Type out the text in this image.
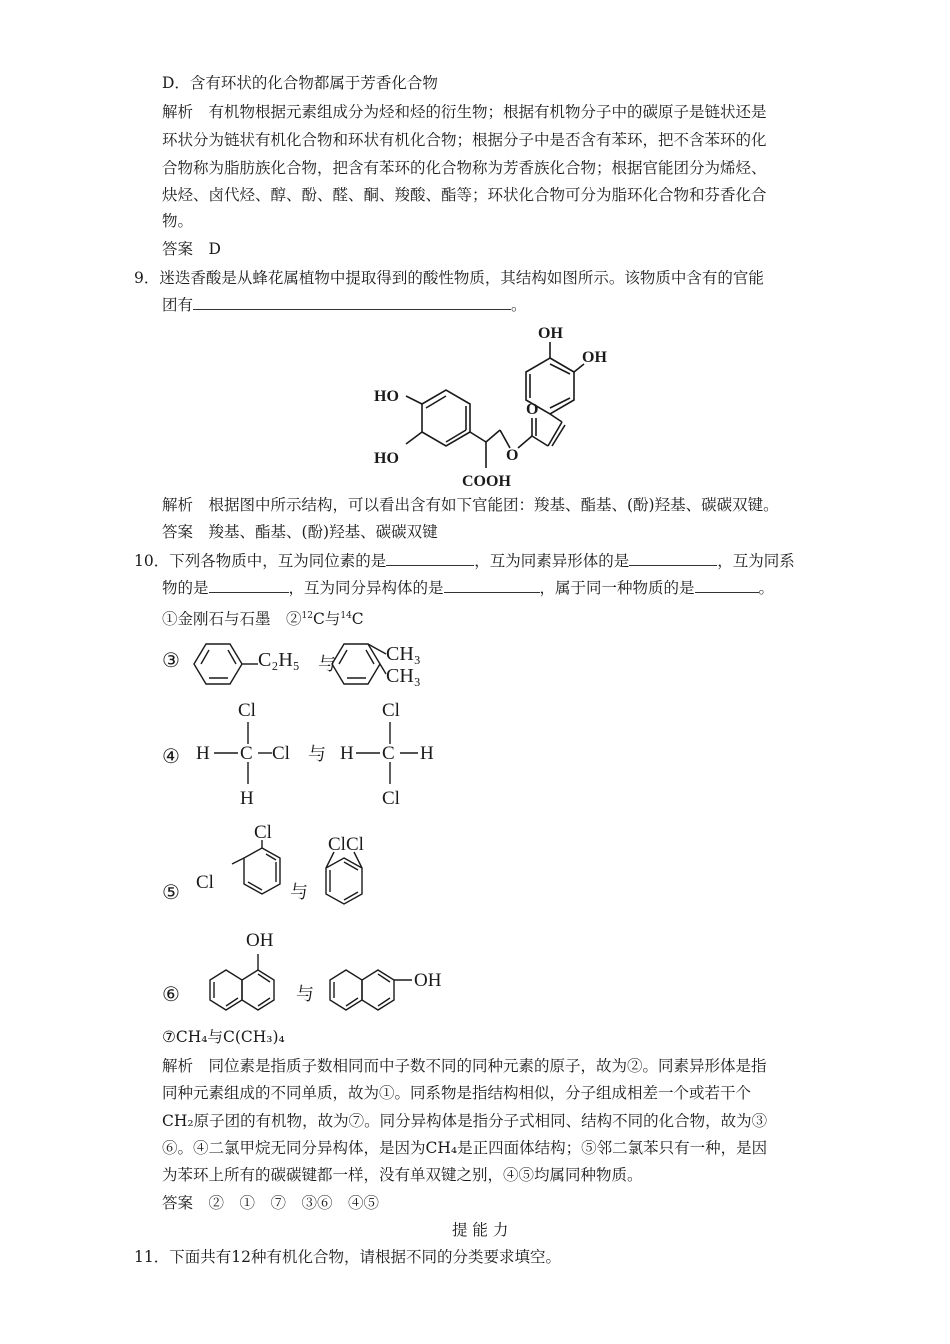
D．含有环状的化合物都属于芳香化合物
解析　有机物根据元素组成分为烃和烃的衍生物；根据有机物分子中的碳原子是链状还是
环状分为链状有机化合物和环状有机化合物；根据分子中是否含有苯环，把不含苯环的化
合物称为脂肪族化合物，把含有苯环的化合物称为芳香族化合物；根据官能团分为烯烃、
炔烃、卤代烃、醇、酚、醛、酮、羧酸、酯等；环状化合物可分为脂环化合物和芬香化合
物。
答案　D
9．迷迭香酸是从蜂花属植物中提取得到的酸性物质，其结构如图所示。该物质中含有的官能
团有	。
HO
HO
COOH
O
O
OH
OH
解析　根据图中所示结构，可以看出含有如下官能团：羧基、酯基、(酚)羟基、碳碳双键。
答案　羧基、酯基、(酚)羟基、碳碳双键
10．下列各物质中，互为同位素的是	，互为同素异形体的是	，互为同系
物的是	，互为同分异构体的是	，属于同一种物质的是	。
①金刚石与石墨　②$^{12}$C与$^{14}$C
③	C₂H₅ 与	CH₃
CH₃
④
Cl
H C Cl
H
与
Cl
H C H
Cl
⑤
Cl
Cl	与
ClCl
⑥
OH
与
OH
⑦CH₄与C(CH₃)₄
解析　同位素是指质子数相同而中子数不同的同种元素的原子，故为②。同素异形体是指
同种元素组成的不同单质，故为①。同系物是指结构相似，分子组成相差一个或若干个
CH₂原子团的有机物，故为⑦。同分异构体是指分子式相同、结构不同的化合物，故为③
⑥。④二氯甲烷无同分异构体，是因为CH₄是正四面体结构；⑤邻二氯苯只有一种，是因
为苯环上所有的碳碳键都一样，没有单双键之别，④⑤均属同种物质。
答案　②　①　⑦　③⑥　④⑤
提 能 力
11．下面共有12种有机化合物，请根据不同的分类要求填空。
